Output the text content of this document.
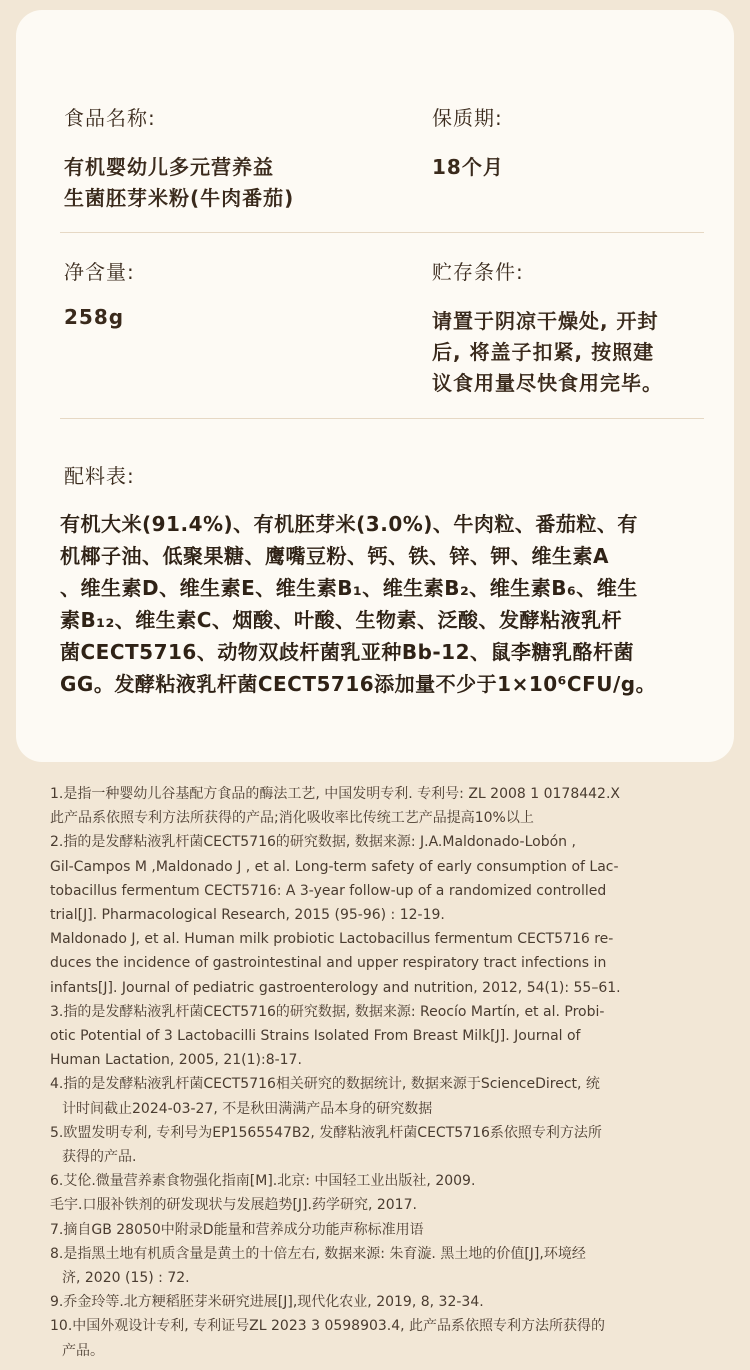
食品名称:
有机婴幼儿多元营养益
生菌胚芽米粉(牛肉番茄)
保质期:
18个月
净含量:
258g
贮存条件:
请置于阴凉干燥处, 开封
后, 将盖子扣紧, 按照建
议食用量尽快食用完毕。
配料表:
有机大米(91.4%)、有机胚芽米(3.0%)、牛肉粒、番茄粒、有
机椰子油、低聚果糖、鹰嘴豆粉、钙、铁、锌、钾、维生素A
、维生素D、维生素E、维生素B₁、维生素B₂、维生素B₆、维生
素B₁₂、维生素C、烟酸、叶酸、生物素、泛酸、发酵粘液乳杆
菌CECT5716、动物双歧杆菌乳亚种Bb-12、鼠李糖乳酪杆菌
GG。发酵粘液乳杆菌CECT5716添加量不少于1×10⁶CFU/g。

1.是指一种婴幼儿谷基配方食品的酶法工艺, 中国发明专利. 专利号: ZL 2008 1 0178442.X

此产品系依照专利方法所获得的产品;消化吸收率比传统工艺产品提高10%以上

2.指的是发酵粘液乳杆菌CECT5716的研究数据, 数据来源: J.A.Maldonado-Lobón ,

Gil-Campos M ,Maldonado J , et al. Long-term safety of early consumption of Lac-

tobacillus fermentum CECT5716: A 3-year follow-up of a randomized controlled

trial[J]. Pharmacological Research, 2015 (95-96) : 12-19.

Maldonado J, et al. Human milk probiotic Lactobacillus fermentum CECT5716 re-

duces the incidence of gastrointestinal and upper respiratory tract infections in

infants[J]. Journal of pediatric gastroenterology and nutrition, 2012, 54(1): 55–61.

3.指的是发酵粘液乳杆菌CECT5716的研究数据, 数据来源: Reocío Martín, et al. Probi-

otic Potential of 3 Lactobacilli Strains Isolated From Breast Milk[J]. Journal of

Human Lactation, 2005, 21(1):8-17.

4.指的是发酵粘液乳杆菌CECT5716相关研究的数据统计, 数据来源于ScienceDirect, 统

计时间截止2024-03-27, 不是秋田满满产品本身的研究数据

5.欧盟发明专利, 专利号为EP1565547B2, 发酵粘液乳杆菌CECT5716系依照专利方法所

获得的产品.

6.艾伦.微量营养素食物强化指南[M].北京: 中国轻工业出版社, 2009.

毛宇.口服补铁剂的研发现状与发展趋势[J].药学研究, 2017.

7.摘自GB 28050中附录D能量和营养成分功能声称标准用语

8.是指黑土地有机质含量是黄土的十倍左右, 数据来源: 朱育漩. 黑土地的价值[J],环境经

济, 2020 (15) : 72.

9.乔金玲等.北方粳稻胚芽米研究进展[J],现代化农业, 2019, 8, 32-34.

10.中国外观设计专利, 专利证号ZL 2023 3 0598903.4, 此产品系依照专利方法所获得的

产品。
